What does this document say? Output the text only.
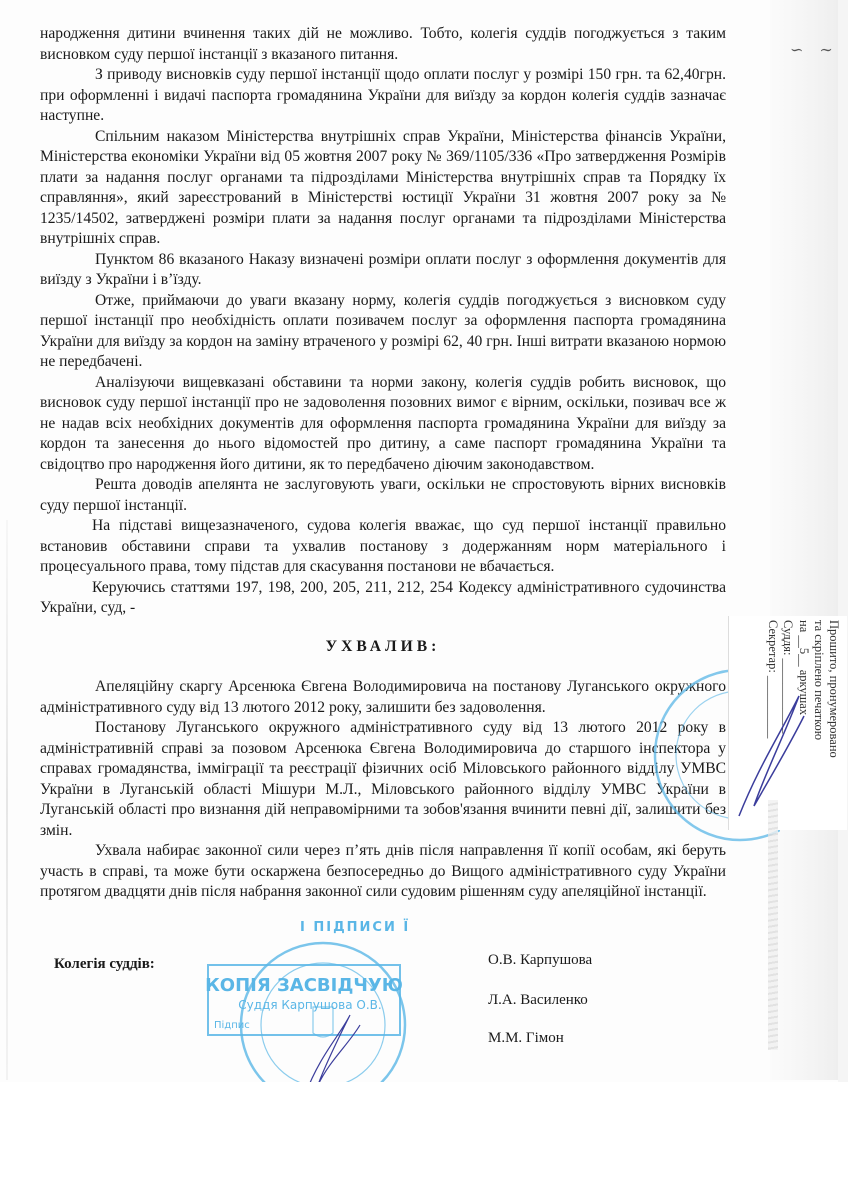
∽ ∼

народження дитини вчинення таких дій не можливо. Тобто, колегія суддів погоджується з таким висновком суду першої інстанції з вказаного питання.

З приводу висновків суду першої інстанції щодо оплати послуг у розмірі 150 грн. та 62,40грн. при оформленні і видачі паспорта громадянина України для виїзду за кордон колегія суддів зазначає наступне.

Спільним наказом Міністерства внутрішніх справ України, Міністерства фінансів України, Міністерства економіки України від 05 жовтня 2007 року № 369/1105/336 «Про затвердження Розмірів плати за надання послуг органами та підрозділами Міністерства внутрішніх справ та Порядку їх справляння», який зареєстрований в Міністерстві юстиції України 31 жовтня 2007 року за № 1235/14502, затверджені розміри плати за надання послуг органами та підрозділами Міністерства внутрішніх справ.

Пунктом 86 вказаного Наказу визначені розміри оплати послуг з оформлення документів для виїзду з України і в’їзду.

Отже, приймаючи до уваги вказану норму, колегія суддів погоджується з висновком суду першої інстанції про необхідність оплати позивачем послуг за оформлення паспорта громадянина України для виїзду за кордон на заміну втраченого у розмірі 62, 40 грн. Інші витрати вказаною нормою не передбачені.

Аналізуючи вищевказані обставини та норми закону, колегія суддів робить висновок, що висновок суду першої інстанції про не задоволення позовних вимог є вірним, оскільки, позивач все ж не надав всіх необхідних документів для оформлення паспорта громадянина України для виїзду за кордон та занесення до нього відомостей про дитину, а саме паспорт громадянина України та свідоцтво про народження його дитини, як то передбачено діючим законодавством.

Решта доводів апелянта не заслуговують уваги, оскільки не спростовують вірних висновків суду першої інстанції.

На підставі вищезазначеного, судова колегія вважає, що суд першої інстанції правильно встановив обставини справи та ухвалив постанову з додержанням норм матеріального і процесуального права, тому підстав для скасування постанови не вбачається.

Керуючись статтями 197, 198, 200, 205, 211, 212, 254 Кодексу адміністративного судочинства України, суд, -

УХВАЛИВ:

Апеляційну скаргу Арсенюка Євгена Володимировича на постанову Луганського окружного адміністративного суду від 13 лютого 2012 року, залишити без задоволення.

Постанову Луганського окружного адміністративного суду від 13 лютого 2012 року в адміністративній справі за позовом Арсенюка Євгена Володимировича до старшого інспектора у справах громадянства, імміграції та реєстрації фізичних осіб Міловського районного відділу УМВС України в Луганській області Мішури М.Л., Міловського районного відділу УМВС України в Луганській області про визнання дій неправомірними та зобов'язання вчинити певні дії, залишити без змін.

Ухвала набирає законної сили через п’ять днів після направлення її копії особам, які беруть участь в справі, та може бути оскаржена безпосередньо до Вищого адміністративного суду України протягом двадцяти днів після набрання законної сили судовим рішенням суду апеляційної інстанції.

Колегія суддів:	О.В. Карпушова
Л.А. Василенко
М.М. Гімон
І ПІДПИСИ Ї
КОПІЯ ЗАСВІДЧУЮ
Суддя Карпушова О.В.
Підпис
Прошито, пронумеровано
та скріплено печаткою
на __5__ аркушах
Суддя: ____________
Секретар: __________
